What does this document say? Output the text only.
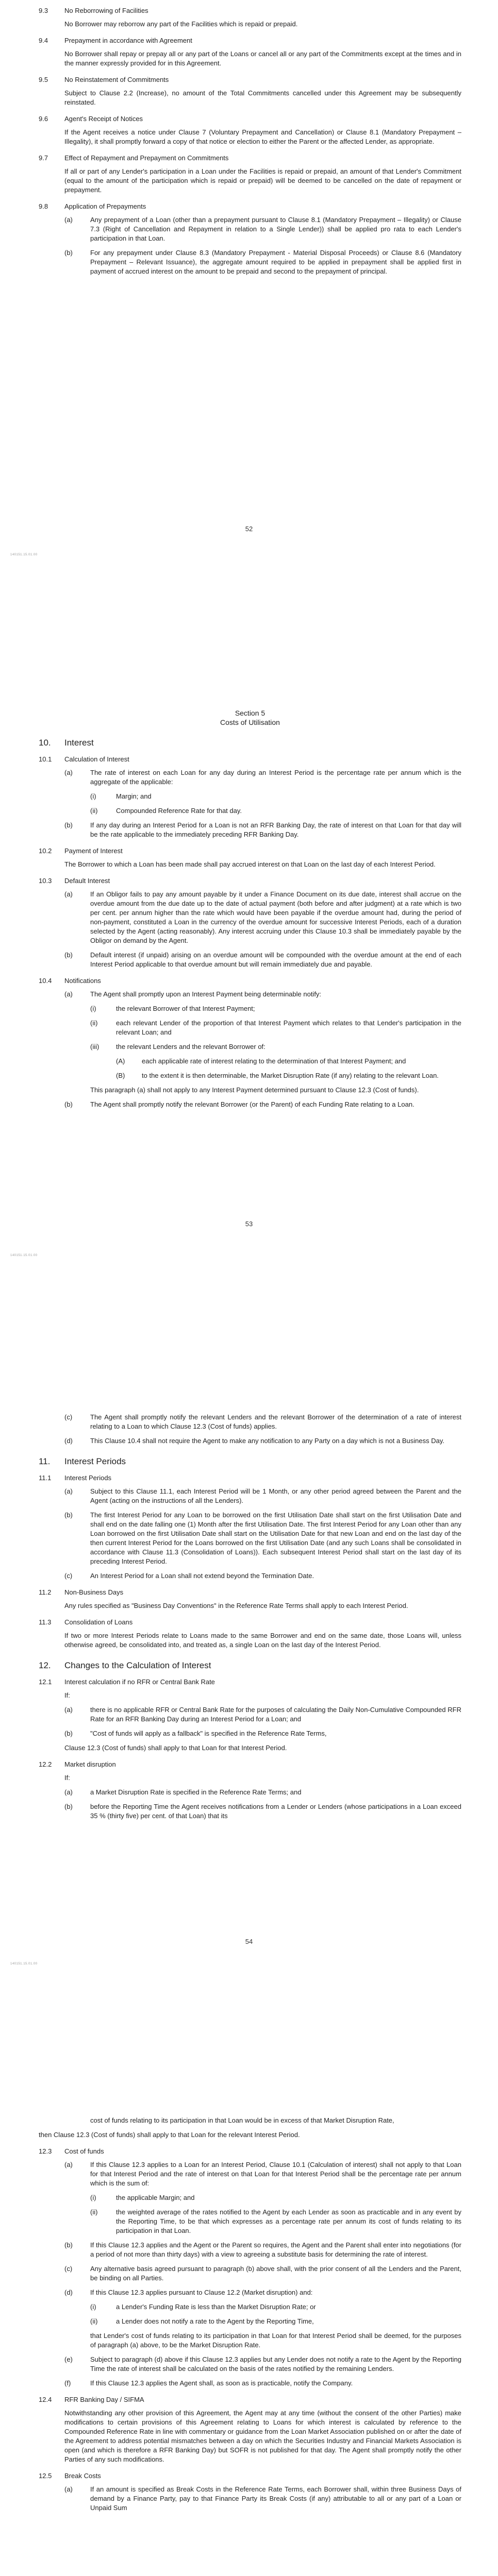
9.3	No Reborrowing of Facilities

No Borrower may reborrow any part of the Facilities which is repaid or prepaid.

9.4	Prepayment in accordance with Agreement

No Borrower shall repay or prepay all or any part of the Loans or cancel all or any part of the Commitments except at the times and in the manner expressly provided for in this Agreement.

9.5	No Reinstatement of Commitments

Subject to Clause 2.2 (Increase), no amount of the Total Commitments cancelled under this Agreement may be subsequently reinstated.

9.6	Agent's Receipt of Notices

If the Agent receives a notice under Clause 7 (Voluntary Prepayment and Cancellation) or Clause 8.1 (Mandatory Prepayment – Illegality), it shall promptly forward a copy of that notice or election to either the Parent or the affected Lender, as appropriate.

9.7	Effect of Repayment and Prepayment on Commitments

If all or part of any Lender's participation in a Loan under the Facilities is repaid or prepaid, an amount of that Lender's Commitment (equal to the amount of the participation which is repaid or prepaid) will be deemed to be cancelled on the date of repayment or prepayment.

9.8	Application of Prepayments
(a)	Any prepayment of a Loan (other than a prepayment pursuant to Clause 8.1 (Mandatory Prepayment – Illegality) or Clause 7.3 (Right of Cancellation and Repayment in relation to a Single Lender)) shall be applied pro rata to each Lender's participation in that Loan.
(b)	For any prepayment under Clause 8.3 (Mandatory Prepayment - Material Disposal Proceeds) or Clause 8.6 (Mandatory Prepayment – Relevant Issuance), the aggregate amount required to be applied in prepayment shall be applied first in payment of accrued interest on the amount to be prepaid and second to the prepayment of principal.
52
140151.15.01.00
Section 5
Costs of Utilisation
10.	Interest
10.1	Calculation of Interest
(a)	The rate of interest on each Loan for any day during an Interest Period is the percentage rate per annum which is the aggregate of the applicable:
(i)	Margin; and
(ii)	Compounded Reference Rate for that day.
(b)	If any day during an Interest Period for a Loan is not an RFR Banking Day, the rate of interest on that Loan for that day will be the rate applicable to the immediately preceding RFR Banking Day.
10.2	Payment of Interest

The Borrower to which a Loan has been made shall pay accrued interest on that Loan on the last day of each Interest Period.

10.3	Default Interest
(a)	If an Obligor fails to pay any amount payable by it under a Finance Document on its due date, interest shall accrue on the overdue amount from the due date up to the date of actual payment (both before and after judgment) at a rate which is two per cent. per annum higher than the rate which would have been payable if the overdue amount had, during the period of non-payment, constituted a Loan in the currency of the overdue amount for successive Interest Periods, each of a duration selected by the Agent (acting reasonably). Any interest accruing under this Clause 10.3 shall be immediately payable by the Obligor on demand by the Agent.
(b)	Default interest (if unpaid) arising on an overdue amount will be compounded with the overdue amount at the end of each Interest Period applicable to that overdue amount but will remain immediately due and payable.
10.4	Notifications
(a)	The Agent shall promptly upon an Interest Payment being determinable notify:
(i)	the relevant Borrower of that Interest Payment;
(ii)	each relevant Lender of the proportion of that Interest Payment which relates to that Lender's participation in the relevant Loan; and
(iii)	the relevant Lenders and the relevant Borrower of:
(A)	each applicable rate of interest relating to the determination of that Interest Payment; and
(B)	to the extent it is then determinable, the Market Disruption Rate (if any) relating to the relevant Loan.

This paragraph (a) shall not apply to any Interest Payment determined pursuant to Clause 12.3 (Cost of funds).

(b)	The Agent shall promptly notify the relevant Borrower (or the Parent) of each Funding Rate relating to a Loan.
53
140151.15.01.00
(c)	The Agent shall promptly notify the relevant Lenders and the relevant Borrower of the determination of a rate of interest relating to a Loan to which Clause 12.3 (Cost of funds) applies.
(d)	This Clause 10.4 shall not require the Agent to make any notification to any Party on a day which is not a Business Day.
11.	Interest Periods
11.1	Interest Periods
(a)	Subject to this Clause 11.1, each Interest Period will be 1 Month, or any other period agreed between the Parent and the Agent (acting on the instructions of all the Lenders).
(b)	The first Interest Period for any Loan to be borrowed on the first Utilisation Date shall start on the first Utilisation Date and shall end on the date falling one (1) Month after the first Utilisation Date. The first Interest Period for any Loan other than any Loan borrowed on the first Utilisation Date shall start on the Utilisation Date for that new Loan and end on the last day of the then current Interest Period for the Loans borrowed on the first Utilisation Date (and any such Loans shall be consolidated in accordance with Clause 11.3 (Consolidation of Loans)). Each subsequent Interest Period shall start on the last day of its preceding Interest Period.
(c)	An Interest Period for a Loan shall not extend beyond the Termination Date.
11.2	Non-Business Days

Any rules specified as "Business Day Conventions" in the Reference Rate Terms shall apply to each Interest Period.

11.3	Consolidation of Loans

If two or more Interest Periods relate to Loans made to the same Borrower and end on the same date, those Loans will, unless otherwise agreed, be consolidated into, and treated as, a single Loan on the last day of the Interest Period.

12.	Changes to the Calculation of Interest
12.1	Interest calculation if no RFR or Central Bank Rate

If:

(a)	there is no applicable RFR or Central Bank Rate for the purposes of calculating the Daily Non-Cumulative Compounded RFR Rate for an RFR Banking Day during an Interest Period for a Loan; and
(b)	"Cost of funds will apply as a fallback" is specified in the Reference Rate Terms,

Clause 12.3 (Cost of funds) shall apply to that Loan for that Interest Period.

12.2	Market disruption

If:

(a)	a Market Disruption Rate is specified in the Reference Rate Terms; and
(b)	before the Reporting Time the Agent receives notifications from a Lender or Lenders (whose participations in a Loan exceed 35 % (thirty five) per cent. of that Loan) that its
54
140151.15.01.00

cost of funds relating to its participation in that Loan would be in excess of that Market Disruption Rate,

then Clause 12.3 (Cost of funds) shall apply to that Loan for the relevant Interest Period.

12.3	Cost of funds
(a)	If this Clause 12.3 applies to a Loan for an Interest Period, Clause 10.1 (Calculation of interest) shall not apply to that Loan for that Interest Period and the rate of interest on that Loan for that Interest Period shall be the percentage rate per annum which is the sum of:
(i)	the applicable Margin; and
(ii)	the weighted average of the rates notified to the Agent by each Lender as soon as practicable and in any event by the Reporting Time, to be that which expresses as a percentage rate per annum its cost of funds relating to its participation in that Loan.
(b)	If this Clause 12.3 applies and the Agent or the Parent so requires, the Agent and the Parent shall enter into negotiations (for a period of not more than thirty days) with a view to agreeing a substitute basis for determining the rate of interest.
(c)	Any alternative basis agreed pursuant to paragraph (b) above shall, with the prior consent of all the Lenders and the Parent, be binding on all Parties.
(d)	If this Clause 12.3 applies pursuant to Clause 12.2 (Market disruption) and:
(i)	a Lender's Funding Rate is less than the Market Disruption Rate; or
(ii)	a Lender does not notify a rate to the Agent by the Reporting Time,

that Lender's cost of funds relating to its participation in that Loan for that Interest Period shall be deemed, for the purposes of paragraph (a) above, to be the Market Disruption Rate.

(e)	Subject to paragraph (d) above if this Clause 12.3 applies but any Lender does not notify a rate to the Agent by the Reporting Time the rate of interest shall be calculated on the basis of the rates notified by the remaining Lenders.
(f)	If this Clause 12.3 applies the Agent shall, as soon as is practicable, notify the Company.
12.4	RFR Banking Day / SIFMA

Notwithstanding any other provision of this Agreement, the Agent may at any time (without the consent of the other Parties) make modifications to certain provisions of this Agreement relating to Loans for which interest is calculated by reference to the Compounded Reference Rate in line with commentary or guidance from the Loan Market Association published on or after the date of the Agreement to address potential mismatches between a day on which the Securities Industry and Financial Markets Association is open (and which is therefore a RFR Banking Day) but SOFR is not published for that day. The Agent shall promptly notify the other Parties of any such modifications.

12.5	Break Costs
(a)	If an amount is specified as Break Costs in the Reference Rate Terms, each Borrower shall, within three Business Days of demand by a Finance Party, pay to that Finance Party its Break Costs (if any) attributable to all or any part of a Loan or Unpaid Sum
